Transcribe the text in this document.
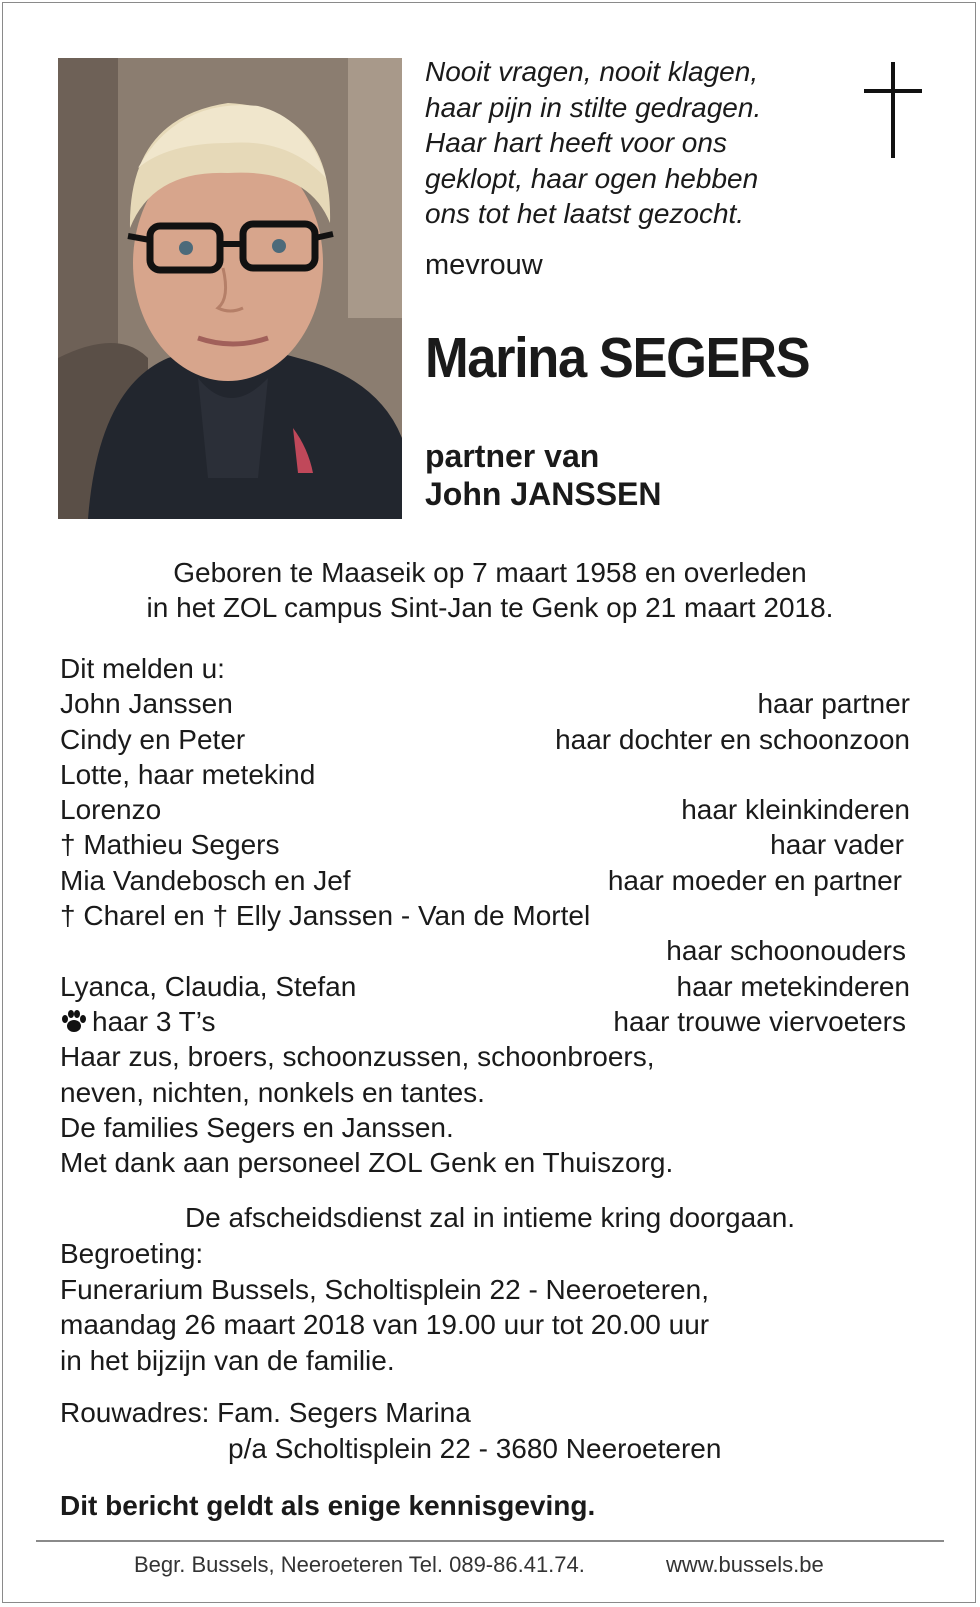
Nooit vragen, nooit klagen,
haar pijn in stilte gedragen.
Haar hart heeft voor ons
geklopt, haar ogen hebben
ons tot het laatst gezocht.
mevrouw
Marina SEGERS
partner van
John JANSSEN
Geboren te Maaseik op 7 maart 1958 en overleden
in het ZOL campus Sint-Jan te Genk op 21 maart 2018.
Dit melden u:
John Janssen	haar partner
Cindy en Peter	haar dochter en schoonzoon
Lotte, haar metekind
Lorenzo	haar kleinkinderen
† Mathieu Segers	haar vader
Mia Vandebosch en Jef	haar moeder en partner
† Charel en † Elly Janssen - Van de Mortel
haar schoonouders
Lyanca, Claudia, Stefan	haar metekinderen
haar 3 T’s	haar trouwe viervoeters
Haar zus, broers, schoonzussen, schoonbroers,
neven, nichten, nonkels en tantes.
De families Segers en Janssen.
Met dank aan personeel ZOL Genk en Thuiszorg.
De afscheidsdienst zal in intieme kring doorgaan.
Begroeting:
Funerarium Bussels, Scholtisplein 22 - Neeroeteren,
maandag 26 maart 2018 van 19.00 uur tot 20.00 uur
in het bijzijn van de familie.
Rouwadres: Fam. Segers Marina
p/a Scholtisplein 22 - 3680 Neeroeteren
Dit bericht geldt als enige kennisgeving.
Begr. Bussels, Neeroeteren Tel. 089-86.41.74.	www.bussels.be
